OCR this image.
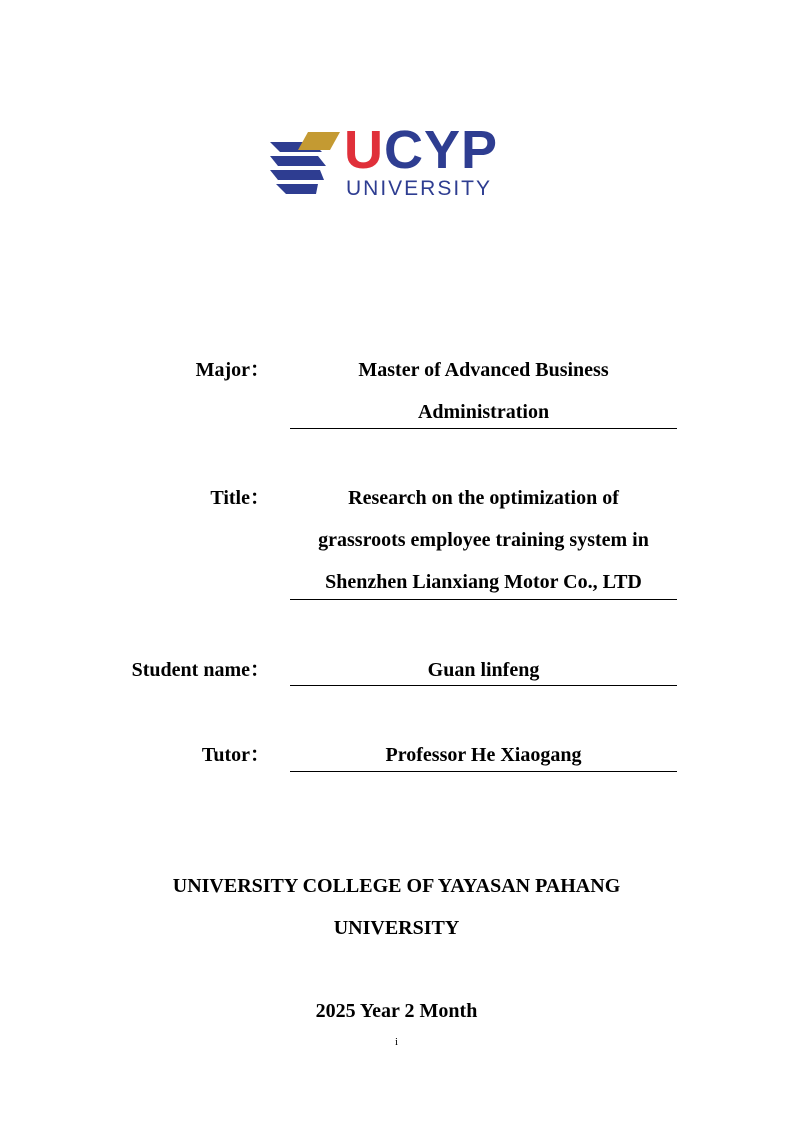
UCYP
UNIVERSITY
Major：	Master of Advanced Business
Administration
Title：	Research on the optimization of
grassroots employee training system in
Shenzhen Lianxiang Motor Co., LTD
Student name：	Guan linfeng
Tutor：	Professor He Xiaogang
UNIVERSITY COLLEGE OF YAYASAN PAHANG
UNIVERSITY
2025 Year 2 Month
i
